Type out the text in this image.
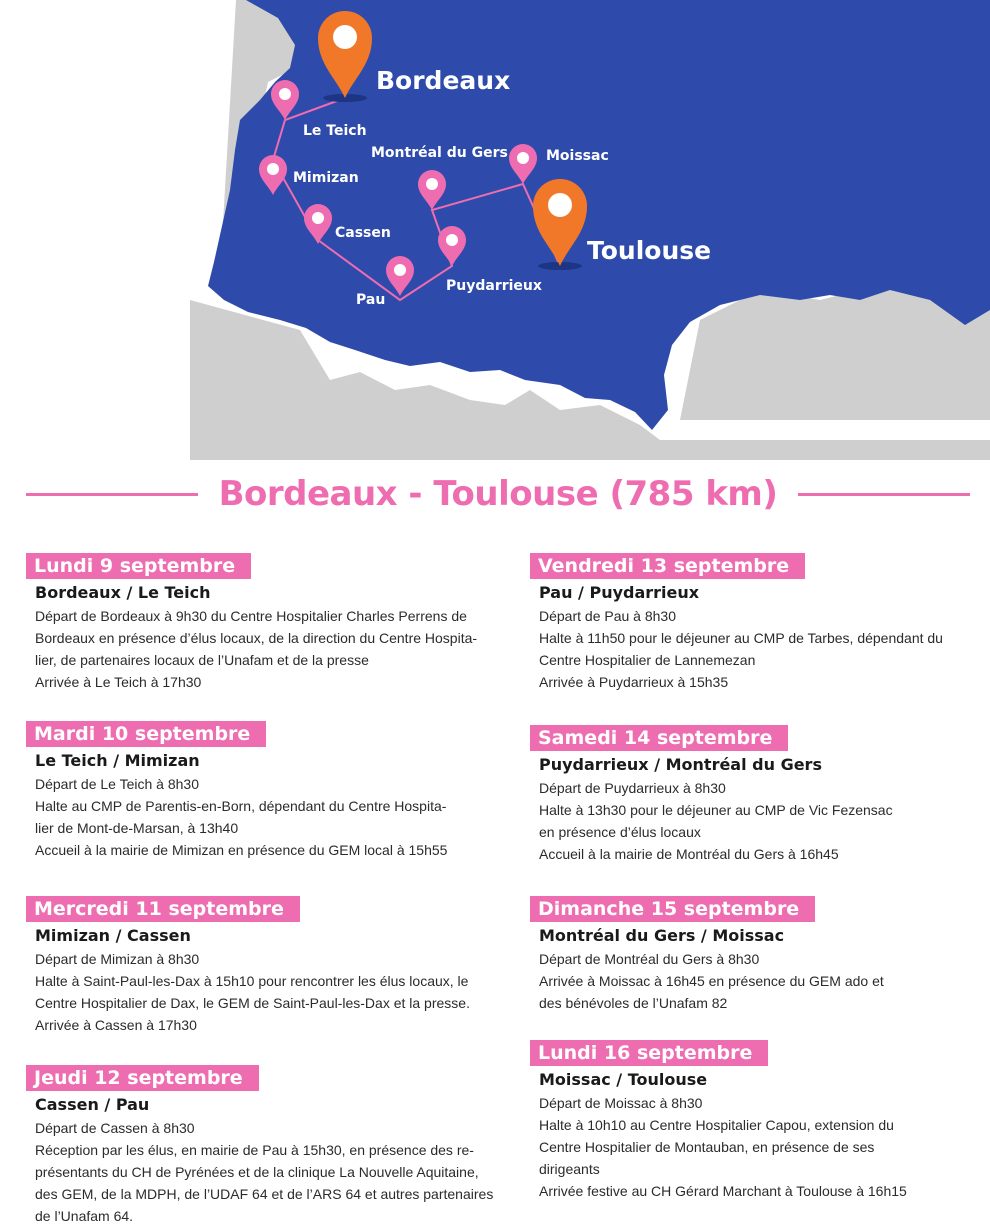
Bordeaux
Toulouse
Le Teich
Mimizan
Cassen
Pau
Puydarrieux
Montréal du Gers	Moissac
Bordeaux - Toulouse (785 km)
Lundi 9 septembre
Bordeaux / Le Teich
Départ de Bordeaux à 9h30 du Centre Hospitalier Charles Perrens de
Bordeaux en présence d’élus locaux, de la direction du Centre Hospita-
lier, de partenaires locaux de l’Unafam et de la presse
Arrivée à Le Teich à 17h30
Mardi 10 septembre
Le Teich / Mimizan
Départ de Le Teich à 8h30
Halte au CMP de Parentis-en-Born, dépendant du Centre Hospita-
lier de Mont-de-Marsan, à 13h40
Accueil à la mairie de Mimizan en présence du GEM local à 15h55
Mercredi 11 septembre
Mimizan / Cassen
Départ de Mimizan à 8h30
Halte à Saint-Paul-les-Dax à 15h10 pour rencontrer les élus locaux, le
Centre Hospitalier de Dax, le GEM de Saint-Paul-les-Dax et la presse.
Arrivée à Cassen à 17h30
Jeudi 12 septembre
Cassen / Pau
Départ de Cassen à 8h30
Réception par les élus, en mairie de Pau à 15h30, en présence des re-
présentants du CH de Pyrénées et de la clinique La Nouvelle Aquitaine,
des GEM, de la MDPH, de l’UDAF 64 et de l’ARS 64 et autres partenaires
de l’Unafam 64.
Vendredi 13 septembre
Pau / Puydarrieux
Départ de Pau à 8h30
Halte à 11h50 pour le déjeuner au CMP de Tarbes, dépendant du
Centre Hospitalier de Lannemezan
Arrivée à Puydarrieux à 15h35
Samedi 14 septembre
Puydarrieux / Montréal du Gers
Départ de Puydarrieux à 8h30
Halte à 13h30 pour le déjeuner au CMP de Vic Fezensac
en présence d’élus locaux
Accueil à la mairie de Montréal du Gers à 16h45
Dimanche 15 septembre
Montréal du Gers / Moissac
Départ de Montréal du Gers à 8h30
Arrivée à Moissac à 16h45 en présence du GEM ado et
des bénévoles de l’Unafam 82
Lundi 16 septembre
Moissac / Toulouse
Départ de Moissac à 8h30
Halte à 10h10 au Centre Hospitalier Capou, extension du
Centre Hospitalier de Montauban, en présence de ses
dirigeants
Arrivée festive au CH Gérard Marchant à Toulouse à 16h15
